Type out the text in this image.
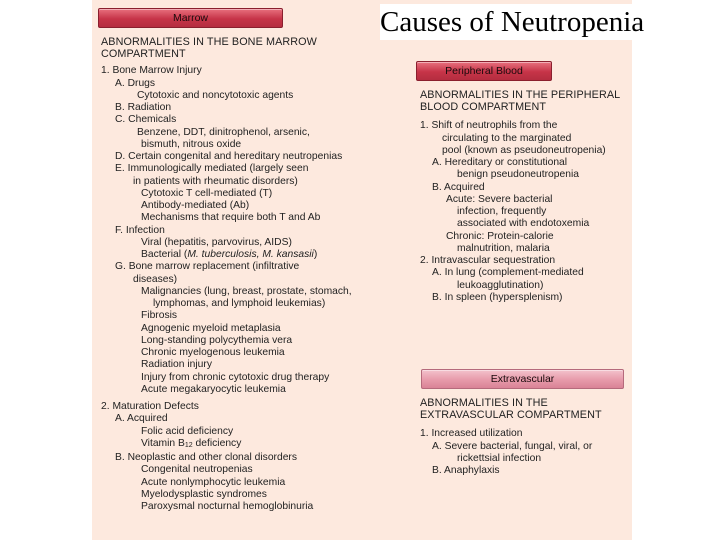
Causes of Neutropenia
Marrow
ABNORMALITIES IN THE BONE MARROW
COMPARTMENT
1. Bone Marrow Injury
A. Drugs
Cytotoxic and noncytotoxic agents
B. Radiation
C. Chemicals
Benzene, DDT, dinitrophenol, arsenic,
bismuth, nitrous oxide
D. Certain congenital and hereditary neutropenias
E. Immunologically mediated (largely seen
in patients with rheumatic disorders)
Cytotoxic T cell-mediated (T)
Antibody-mediated (Ab)
Mechanisms that require both T and Ab
F. Infection
Viral (hepatitis, parvovirus, AIDS)
Bacterial (M. tuberculosis, M. kansasii)
G. Bone marrow replacement (infiltrative
diseases)
Malignancies (lung, breast, prostate, stomach,
lymphomas, and lymphoid leukemias)
Fibrosis
Agnogenic myeloid metaplasia
Long-standing polycythemia vera
Chronic myelogenous leukemia
Radiation injury
Injury from chronic cytotoxic drug therapy
Acute megakaryocytic leukemia
2. Maturation Defects
A. Acquired
Folic acid deficiency
Vitamin $B_{12}$ deficiency
B. Neoplastic and other clonal disorders
Congenital neutropenias
Acute nonlymphocytic leukemia
Myelodysplastic syndromes
Paroxysmal nocturnal hemoglobinuria
Peripheral Blood
ABNORMALITIES IN THE PERIPHERAL
BLOOD COMPARTMENT
1. Shift of neutrophils from the
circulating to the marginated
pool (known as pseudoneutropenia)
A. Hereditary or constitutional
benign pseudoneutropenia
B. Acquired
Acute: Severe bacterial
infection, frequently
associated with endotoxemia
Chronic: Protein-calorie
malnutrition, malaria
2. Intravascular sequestration
A. In lung (complement-mediated
leukoagglutination)
B. In spleen (hypersplenism)
Extravascular
ABNORMALITIES IN THE
EXTRAVASCULAR COMPARTMENT
1. Increased utilization
A. Severe bacterial, fungal, viral, or
rickettsial infection
B. Anaphylaxis
